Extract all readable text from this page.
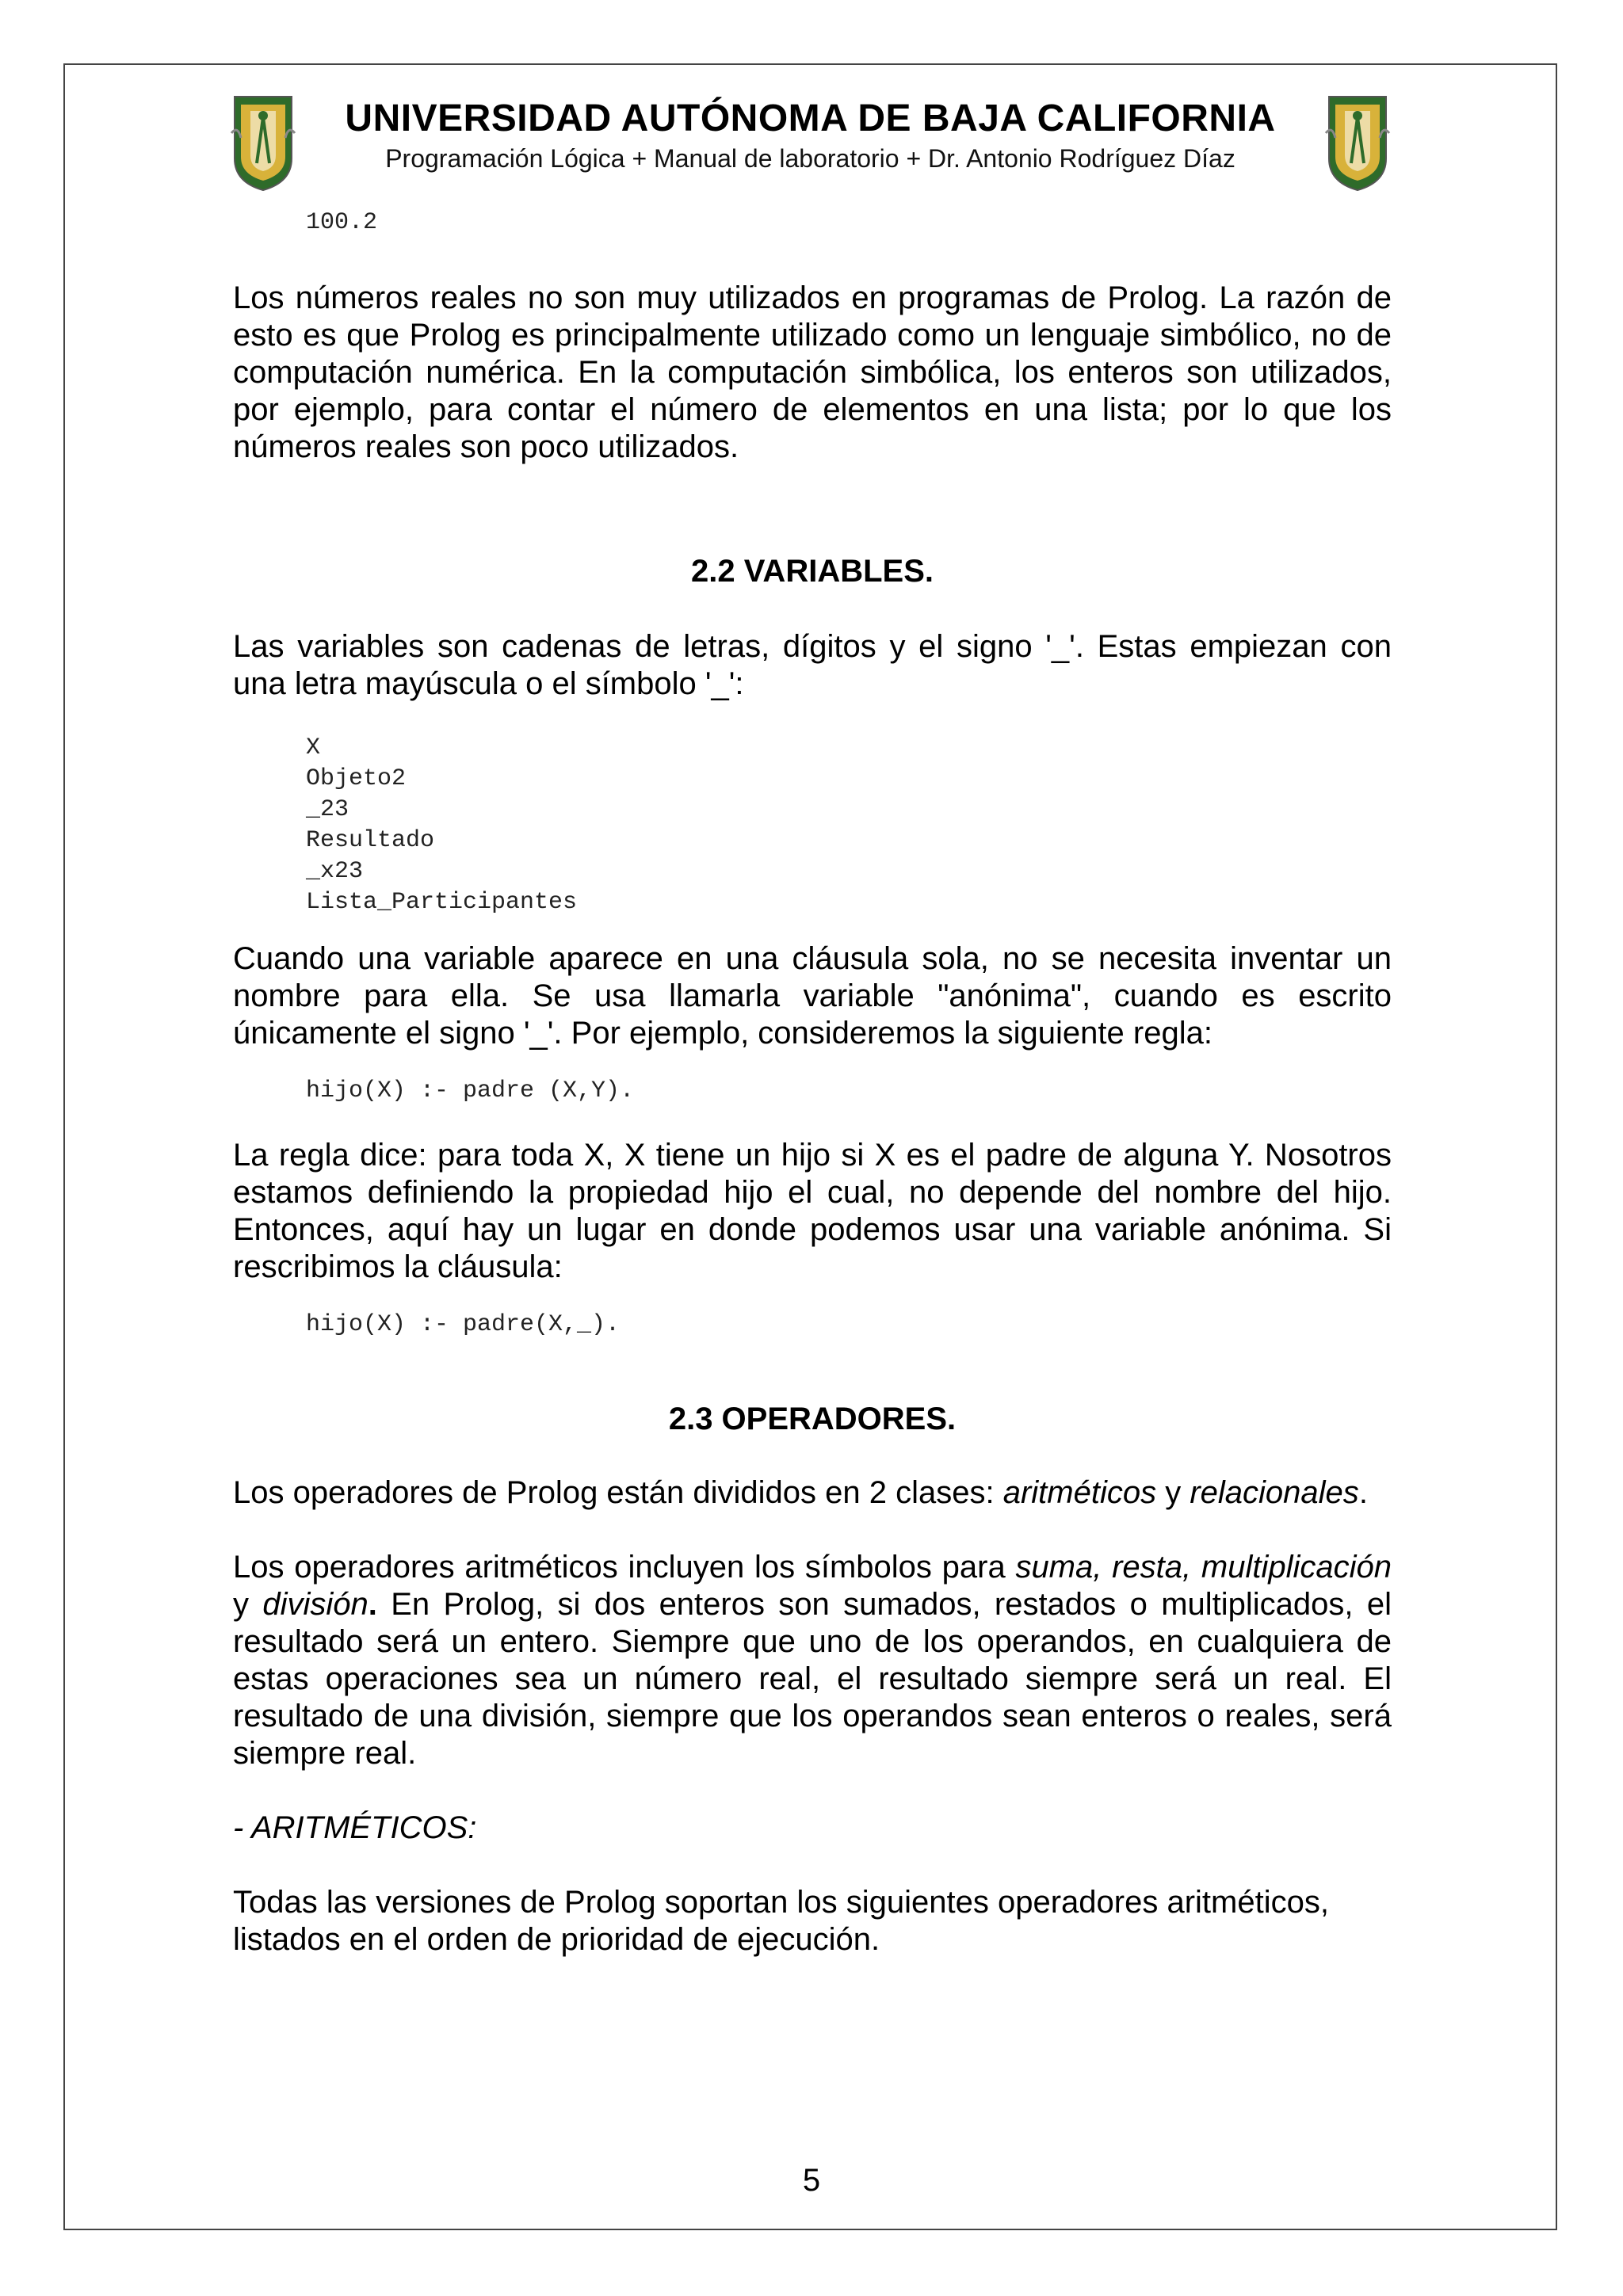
UNIVERSIDAD AUTÓNOMA DE BAJA CALIFORNIA
Programación Lógica + Manual de laboratorio + Dr. Antonio Rodríguez Díaz
100.2

Los números reales no son muy utilizados en programas de Prolog. La razón de esto es que Prolog es principalmente utilizado como un lenguaje simbólico, no de computación numérica. En la computación simbólica, los enteros son utilizados, por ejemplo, para contar el número de elementos en una lista; por lo que los números reales son poco utilizados.

2.2 VARIABLES.

Las variables son cadenas de letras, dígitos y el signo '_'. Estas empiezan con una letra mayúscula o el símbolo '_':

X
Objeto2
_23
Resultado
_x23
Lista_Participantes

Cuando una variable aparece en una cláusula sola, no se necesita inventar un nombre para ella. Se usa llamarla variable "anónima", cuando es escrito únicamente el signo '_'. Por ejemplo, consideremos la siguiente regla:

hijo(X) :- padre (X,Y).

La regla dice: para toda X, X tiene un hijo si X es el padre de alguna Y. Nosotros estamos definiendo la propiedad hijo el cual, no depende del nombre del hijo. Entonces, aquí hay un lugar en donde podemos usar una variable anónima. Si rescribimos la cláusula:

hijo(X) :- padre(X,_).

2.3 OPERADORES.

Los operadores de Prolog están divididos en 2 clases: aritméticos y relacionales.

Los operadores aritméticos incluyen los símbolos para suma, resta, multiplicación y división. En Prolog, si dos enteros son sumados, restados o multiplicados, el resultado será un entero. Siempre que uno de los operandos, en cualquiera de estas operaciones sea un número real, el resultado siempre será un real. El resultado de una división, siempre que los operandos sean enteros o reales, será siempre real.

- ARITMÉTICOS:

Todas las versiones de Prolog soportan los siguientes operadores aritméticos, listados en el orden de prioridad de ejecución.

5
